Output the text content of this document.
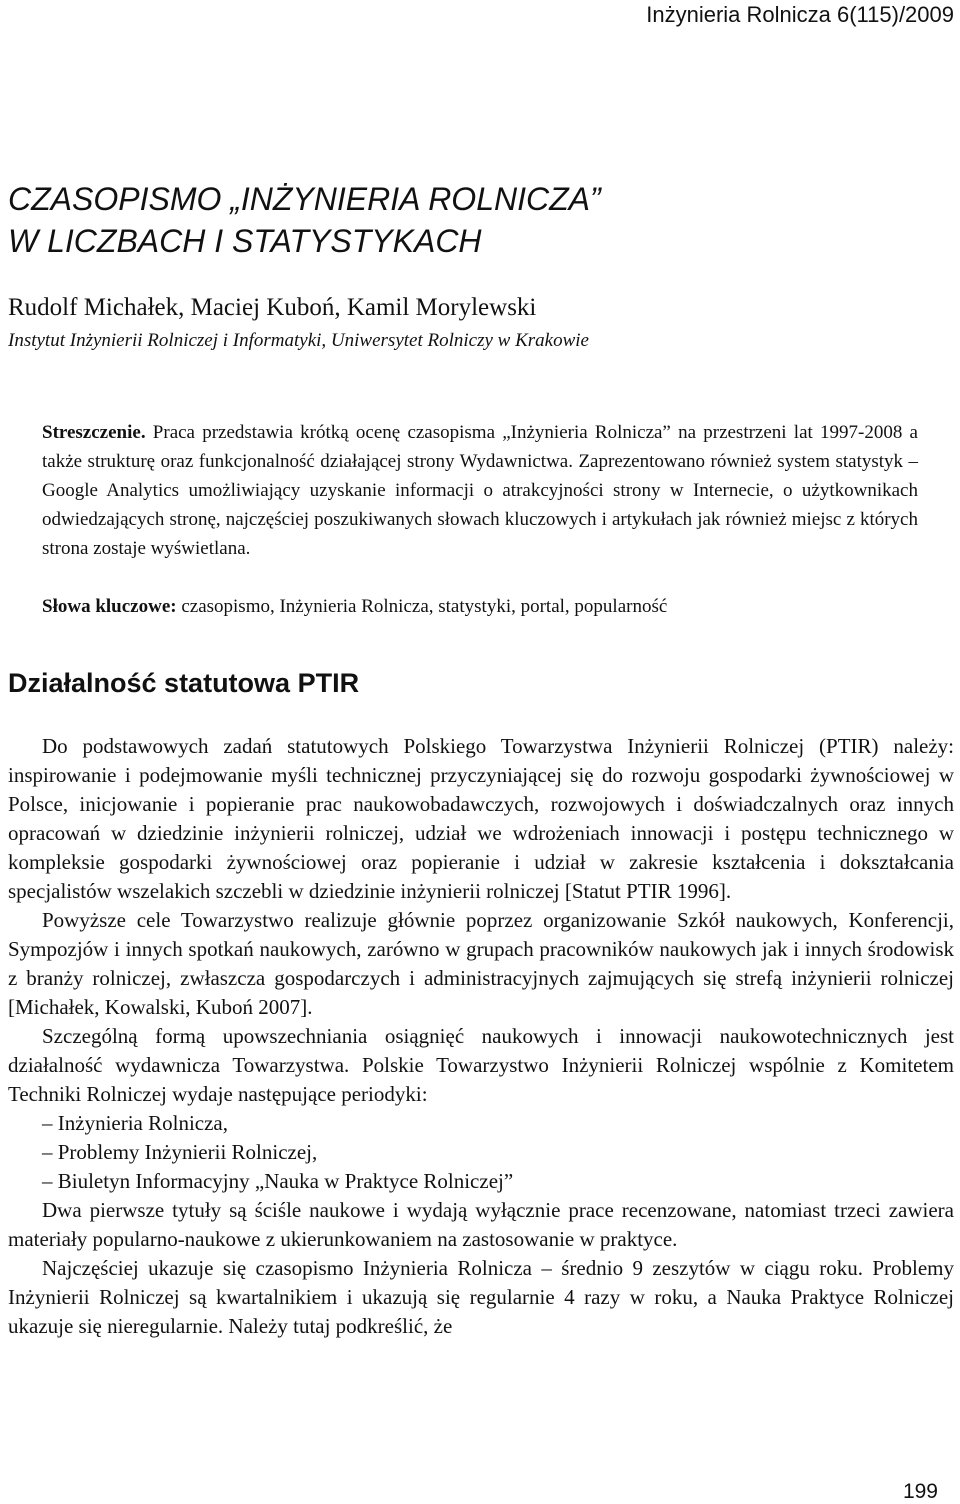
Inżynieria Rolnicza 6(115)/2009
CZASOPISMO „INŻYNIERIA ROLNICZA”
W LICZBACH I STATYSTYKACH
Rudolf Michałek, Maciej Kuboń, Kamil Morylewski
Instytut Inżynierii Rolniczej i Informatyki, Uniwersytet Rolniczy w Krakowie

Streszczenie. Praca przedstawia krótką ocenę czasopisma „Inżynieria Rolnicza” na przestrzeni lat 1997-2008 a także strukturę oraz funkcjonalność działającej strony Wydawnictwa. Zaprezentowano również system statystyk – Google Analytics umożliwiający uzyskanie informacji o atrakcyjności strony w Internecie, o użytkownikach odwiedzających stronę, najczęściej poszukiwanych słowach kluczowych i artykułach jak również miejsc z których strona zostaje wyświetlana.

Słowa kluczowe: czasopismo, Inżynieria Rolnicza, statystyki, portal, popularność

Działalność statutowa PTIR

Do podstawowych zadań statutowych Polskiego Towarzystwa Inżynierii Rolniczej (PTIR) należy: inspirowanie i podejmowanie myśli technicznej przyczyniającej się do rozwoju gospodarki żywnościowej w Polsce, inicjowanie i popieranie prac naukowobadawczych, rozwojowych i doświadczalnych oraz innych opracowań w dziedzinie inżynierii rolniczej, udział we wdrożeniach innowacji i postępu technicznego w kompleksie gospodarki żywnościowej oraz popieranie i udział w zakresie kształcenia i dokształcania specjalistów wszelakich szczebli w dziedzinie inżynierii rolniczej [Statut PTIR 1996].

Powyższe cele Towarzystwo realizuje głównie poprzez organizowanie Szkół naukowych, Konferencji, Sympozjów i innych spotkań naukowych, zarówno w grupach pracowników naukowych jak i innych środowisk z branży rolniczej, zwłaszcza gospodarczych i administracyjnych zajmujących się strefą inżynierii rolniczej [Michałek, Kowalski, Kuboń 2007].

Szczególną formą upowszechniania osiągnięć naukowych i innowacji naukowotechnicznych jest działalność wydawnicza Towarzystwa. Polskie Towarzystwo Inżynierii Rolniczej wspólnie z Komitetem Techniki Rolniczej wydaje następujące periodyki:

– Inżynieria Rolnicza,
– Problemy Inżynierii Rolniczej,
– Biuletyn Informacyjny „Nauka w Praktyce Rolniczej”

Dwa pierwsze tytuły są ściśle naukowe i wydają wyłącznie prace recenzowane, natomiast trzeci zawiera materiały popularno-naukowe z ukierunkowaniem na zastosowanie w praktyce.

Najczęściej ukazuje się czasopismo Inżynieria Rolnicza – średnio 9 zeszytów w ciągu roku. Problemy Inżynierii Rolniczej są kwartalnikiem i ukazują się regularnie 4 razy w roku, a Nauka Praktyce Rolniczej ukazuje się nieregularnie. Należy tutaj podkreślić, że

199
